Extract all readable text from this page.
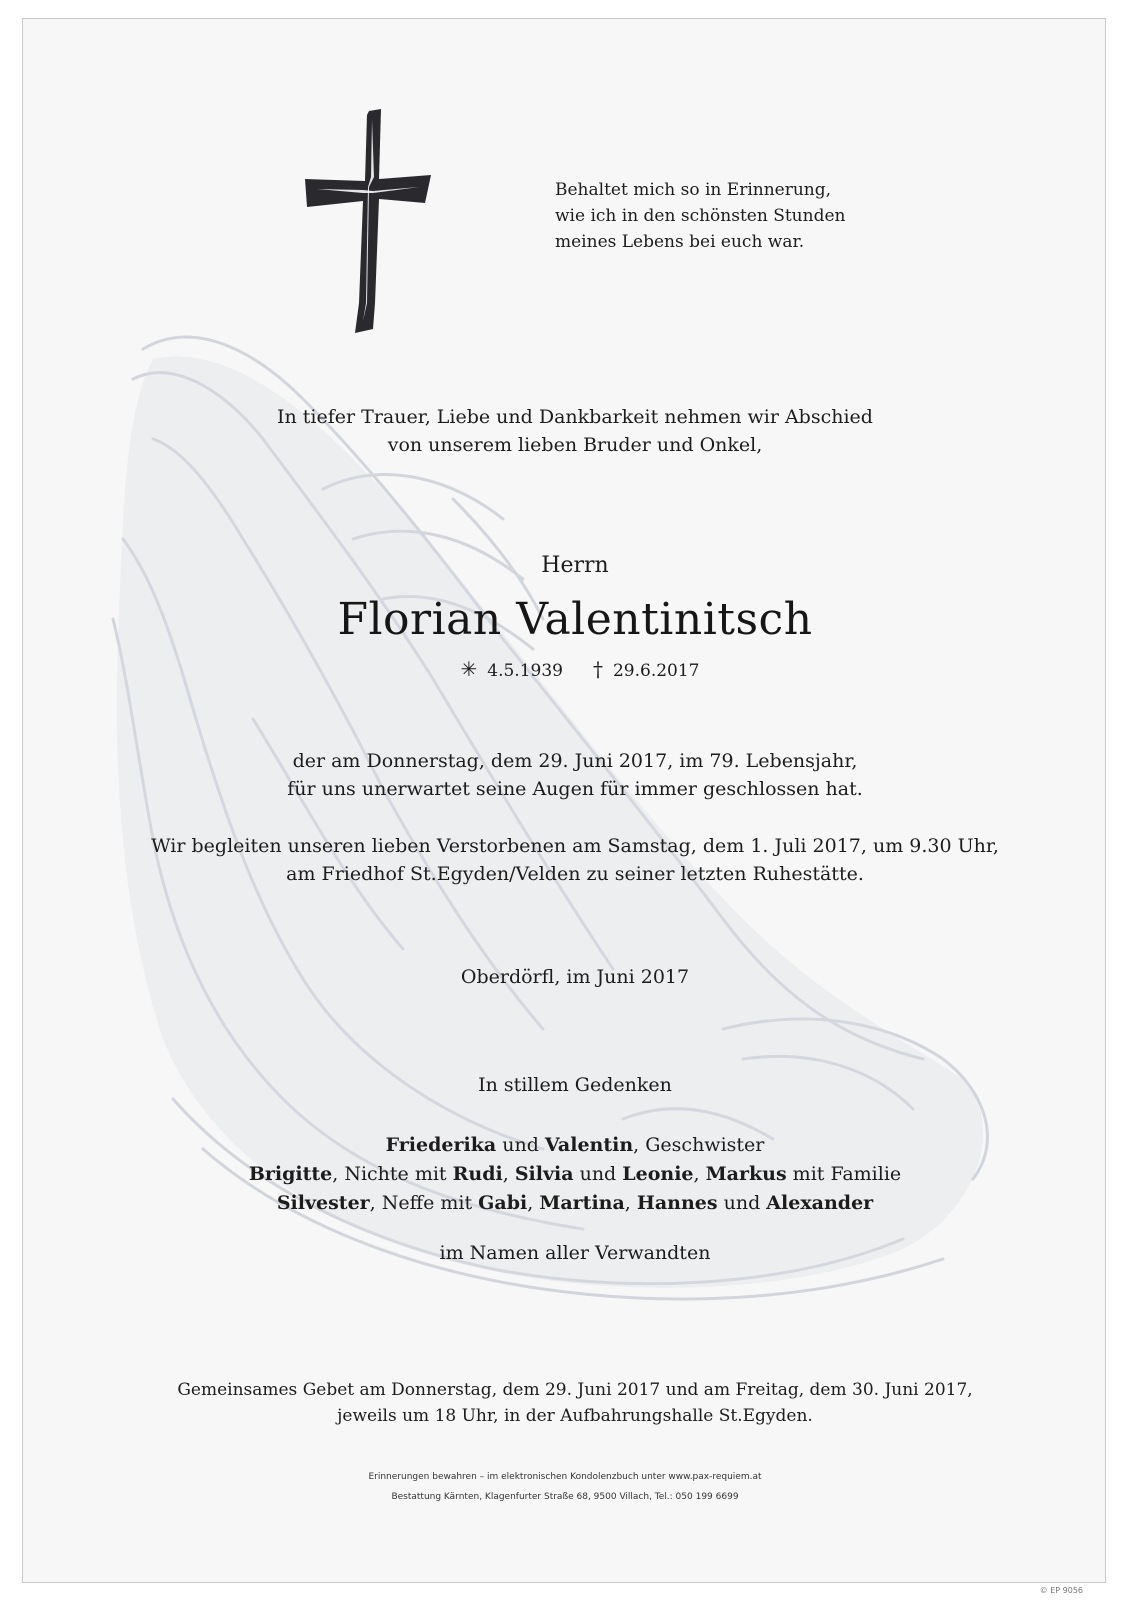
Behaltet mich so in Erinnerung,
wie ich in den schönsten Stunden
meines Lebens bei euch war.
In tiefer Trauer, Liebe und Dankbarkeit nehmen wir Abschied
von unserem lieben Bruder und Onkel,
Herrn
Florian Valentinitsch
✳ 4.5.1939 † 29.6.2017
der am Donnerstag, dem 29. Juni 2017, im 79. Lebensjahr,
für uns unerwartet seine Augen für immer geschlossen hat.
Wir begleiten unseren lieben Verstorbenen am Samstag, dem 1. Juli 2017, um 9.30 Uhr,
am Friedhof St.Egyden/Velden zu seiner letzten Ruhestätte.
Oberdörfl, im Juni 2017
In stillem Gedenken
Friederika und Valentin, Geschwister
Brigitte, Nichte mit Rudi, Silvia und Leonie, Markus mit Familie
Silvester, Neffe mit Gabi, Martina, Hannes und Alexander
im Namen aller Verwandten
Gemeinsames Gebet am Donnerstag, dem 29. Juni 2017 und am Freitag, dem 30. Juni 2017,
jeweils um 18 Uhr, in der Aufbahrungshalle St.Egyden.
Erinnerungen bewahren – im elektronischen Kondolenzbuch unter www.pax-requiem.at
Bestattung Kärnten, Klagenfurter Straße 68, 9500 Villach, Tel.: 050 199 6699
© EP 9056
